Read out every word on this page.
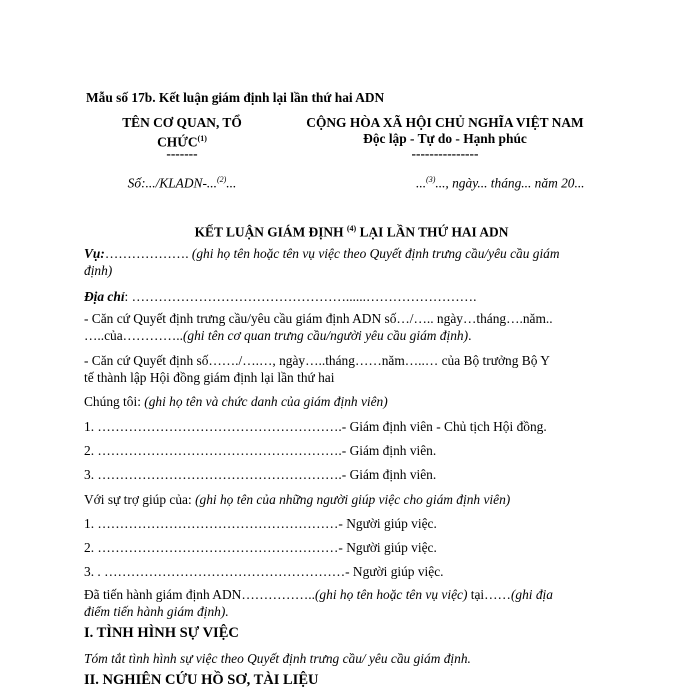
Mẫu số 17b. Kết luận giám định lại lần thứ hai ADN
TÊN CƠ QUAN, TỔ
CHỨC$^{(1)}$
-------
CỘNG HÒA XÃ HỘI CHỦ NGHĨA VIỆT NAM
Độc lập - Tự do - Hạnh phúc
---------------
Số:.../KLADN-...$^{(2)}$...	...$^{(3)}$..., ngày... tháng... năm 20...
KẾT LUẬN GIÁM ĐỊNH $^{(4)}$ LẠI LẦN THỨ HAI ADN
Vụ:………………. (ghi họ tên hoặc tên vụ việc theo Quyết định trưng cầu/yêu cầu giám
định)
Địa chỉ: …………………………………………......…………………….
- Căn cứ Quyết định trưng cầu/yêu cầu giám định ADN số…/….. ngày…tháng….năm..
…..của…………..(ghi tên cơ quan trưng cầu/người yêu cầu giám định).
- Căn cứ Quyết định số……./….…, ngày…..tháng……năm…..… của Bộ trưởng Bộ Y
tế thành lập Hội đồng giám định lại lần thứ hai
Chúng tôi: (ghi họ tên và chức danh của giám định viên)
1. ……………………………………………….- Giám định viên - Chủ tịch Hội đồng.
2. ……………………………………………….- Giám định viên.
3. ……………………………………………….- Giám định viên.
Với sự trợ giúp của: (ghi họ tên của những người giúp việc cho giám định viên)
1. ………………………………………………- Người giúp việc.
2. ………………………………………………- Người giúp việc.
3. . ………………………………………………- Người giúp việc.
Đã tiến hành giám định ADN……………..(ghi họ tên hoặc tên vụ việc) tại……(ghi địa
điểm tiến hành giám định).
I. TÌNH HÌNH SỰ VIỆC
Tóm tắt tình hình sự việc theo Quyết định trưng cầu/ yêu cầu giám định.
II. NGHIÊN CỨU HỒ SƠ, TÀI LIỆU
